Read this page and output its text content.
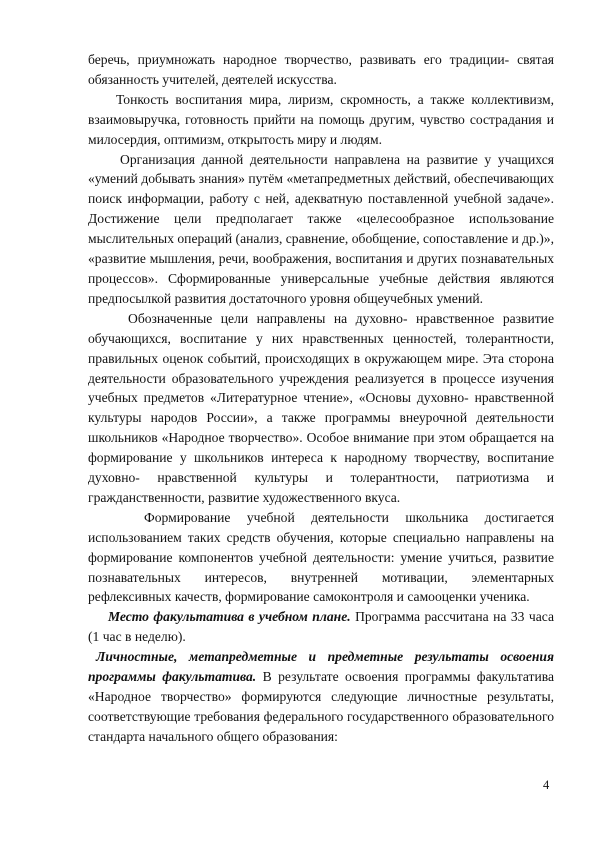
беречь, приумножать народное творчество, развивать его традиции- святая обязанность учителей, деятелей искусства.

Тонкость воспитания мира, лиризм, скромность, а также коллективизм, взаимовыручка, готовность прийти на помощь другим, чувство сострадания и милосердия, оптимизм, открытость миру и людям.

Организация данной деятельности направлена на развитие у учащихся «умений добывать знания» путём «метапредметных действий, обеспечивающих поиск информации, работу с ней, адекватную поставленной учебной задаче». Достижение цели предполагает также «целесообразное использование мыслительных операций (анализ, сравнение, обобщение, сопоставление и др.)», «развитие мышления, речи, воображения, воспитания и других познавательных процессов». Сформированные универсальные учебные действия являются предпосылкой развития достаточного уровня общеучебных умений.

Обозначенные цели направлены на духовно- нравственное развитие обучающихся, воспитание у них нравственных ценностей, толерантности, правильных оценок событий, происходящих в окружающем мире. Эта сторона деятельности образовательного учреждения реализуется в процессе изучения учебных предметов «Литературное чтение», «Основы духовно- нравственной культуры народов России», а также программы внеурочной деятельности школьников «Народное творчество». Особое внимание при этом обращается на формирование у школьников интереса к народному творчеству, воспитание духовно- нравственной культуры и толерантности, патриотизма и гражданственности, развитие художественного вкуса.

Формирование учебной деятельности школьника достигается использованием таких средств обучения, которые специально направлены на формирование компонентов учебной деятельности: умение учиться, развитие познавательных интересов, внутренней мотивации, элементарных рефлексивных качеств, формирование самоконтроля и самооценки ученика.

Место факультатива в учебном плане. Программа рассчитана на 33 часа (1 час в неделю).

Личностные, метапредметные и предметные результаты освоения программы факультатива. В результате освоения программы факультатива «Народное творчество» формируются следующие личностные результаты, соответствующие требования федерального государственного образовательного стандарта начального общего образования:

4
